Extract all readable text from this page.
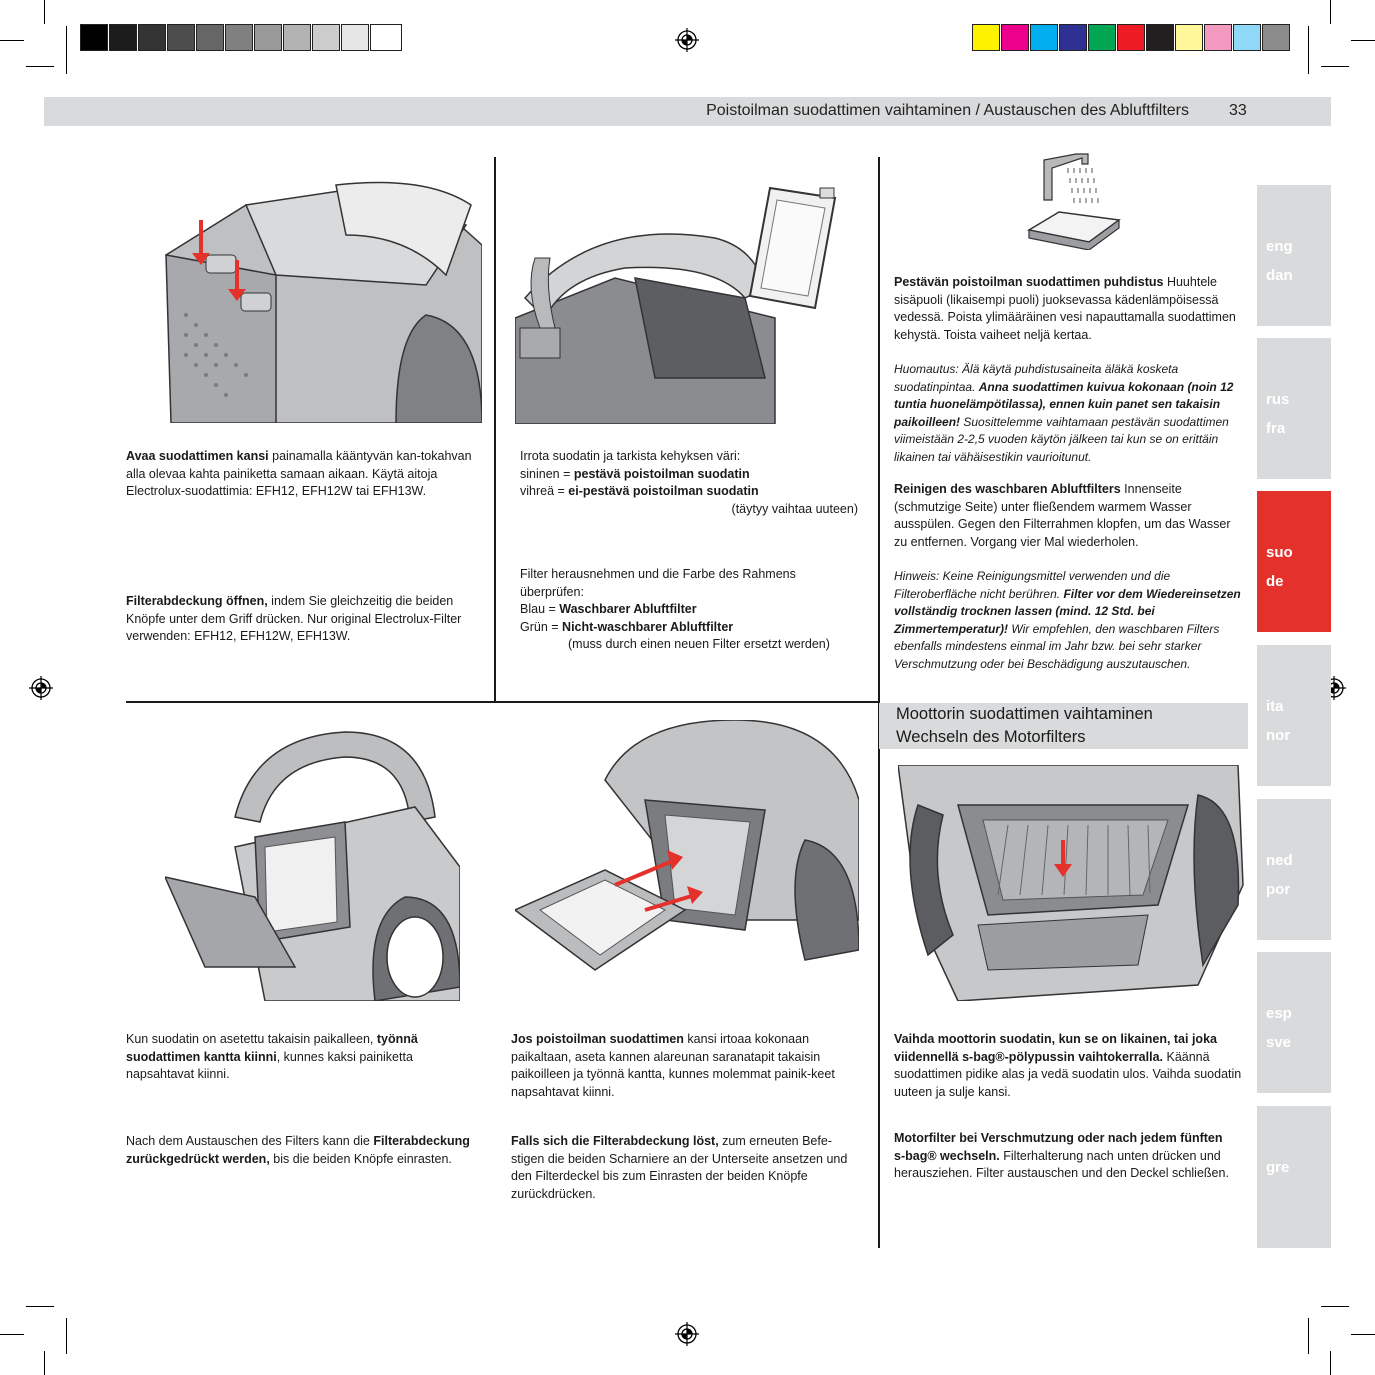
Poistoilman suodattimen vaihtaminen / Austauschen des Abluftfilters	33
eng
dan
rus
fra
suo
de
ita
nor
ned
por
esp
sve
gre
Avaa suodattimen kansi painamalla kääntyvän kan-tokahvan alla olevaa kahta painiketta samaan aikaan. Käytä aitoja Electrolux-suodattimia: EFH12, EFH12W tai EFH13W.
Filterabdeckung öffnen, indem Sie gleichzeitig die beiden Knöpfe unter dem Griff drücken. Nur original Electrolux-Filter verwenden: EFH12, EFH12W, EFH13W.

Irrota suodatin ja tarkista kehyksen väri:

sininen = pestävä poistoilman suodatin

vihreä = ei-pestävä poistoilman suodatin

(täytyy vaihtaa uuteen)

Filter herausnehmen und die Farbe des Rahmens überprüfen:

Blau = Waschbarer Abluftfilter

Grün = Nicht-waschbarer Abluftfilter

(muss durch einen neuen Filter ersetzt werden)

Pestävän poistoilman suodattimen puhdistus Huuhtele sisäpuoli (likaisempi puoli) juoksevassa kädenlämpöisessä vedessä. Poista ylimääräinen vesi napauttamalla suodattimen kehystä. Toista vaiheet neljä kertaa.
Huomautus: Älä käytä puhdistusaineita äläkä kosketa suodatinpintaa. Anna suodattimen kuivua kokonaan (noin 12 tuntia huonelämpötilassa), ennen kuin panet sen takaisin paikoilleen! Suosittelemme vaihtamaan pestävän suodattimen viimeistään 2-2,5 vuoden käytön jälkeen tai kun se on erittäin likainen tai vähäisestikin vaurioitunut.
Reinigen des waschbaren Abluftfilters Innenseite (schmutzige Seite) unter fließendem warmem Wasser ausspülen. Gegen den Filterrahmen klopfen, um das Wasser zu entfernen. Vorgang vier Mal wiederholen.
Hinweis: Keine Reinigungsmittel verwenden und die Filteroberfläche nicht berühren. Filter vor dem Wiedereinsetzen vollständig trocknen lassen (mind. 12 Std. bei Zimmertemperatur)! Wir empfehlen, den waschbaren Filters ebenfalls mindestens einmal im Jahr bzw. bei sehr starker Verschmutzung oder bei Beschädigung auszutauschen.
Moottorin suodattimen vaihtaminen
Wechseln des Motorfilters
Kun suodatin on asetettu takaisin paikalleen, työnnä suodattimen kantta kiinni, kunnes kaksi painiketta napsahtavat kiinni.
Nach dem Austauschen des Filters kann die Filterabdeckung zurückgedrückt werden, bis die beiden Knöpfe einrasten.
Jos poistoilman suodattimen kansi irtoaa kokonaan paikaltaan, aseta kannen alareunan saranatapit takaisin paikoilleen ja työnnä kantta, kunnes molemmat painik-keet napsahtavat kiinni.
Falls sich die Filterabdeckung löst, zum erneuten Befe-stigen die beiden Scharniere an der Unterseite ansetzen und den Filterdeckel bis zum Einrasten der beiden Knöpfe zurückdrücken.
Vaihda moottorin suodatin, kun se on likainen, tai joka viidennellä s-bag®-pölypussin vaihtokerralla. Käännä suodattimen pidike alas ja vedä suodatin ulos. Vaihda suodatin uuteen ja sulje kansi.
Motorfilter bei Verschmutzung oder nach jedem fünften s-bag® wechseln. Filterhalterung nach unten drücken und herausziehen. Filter austauschen und den Deckel schließen.
